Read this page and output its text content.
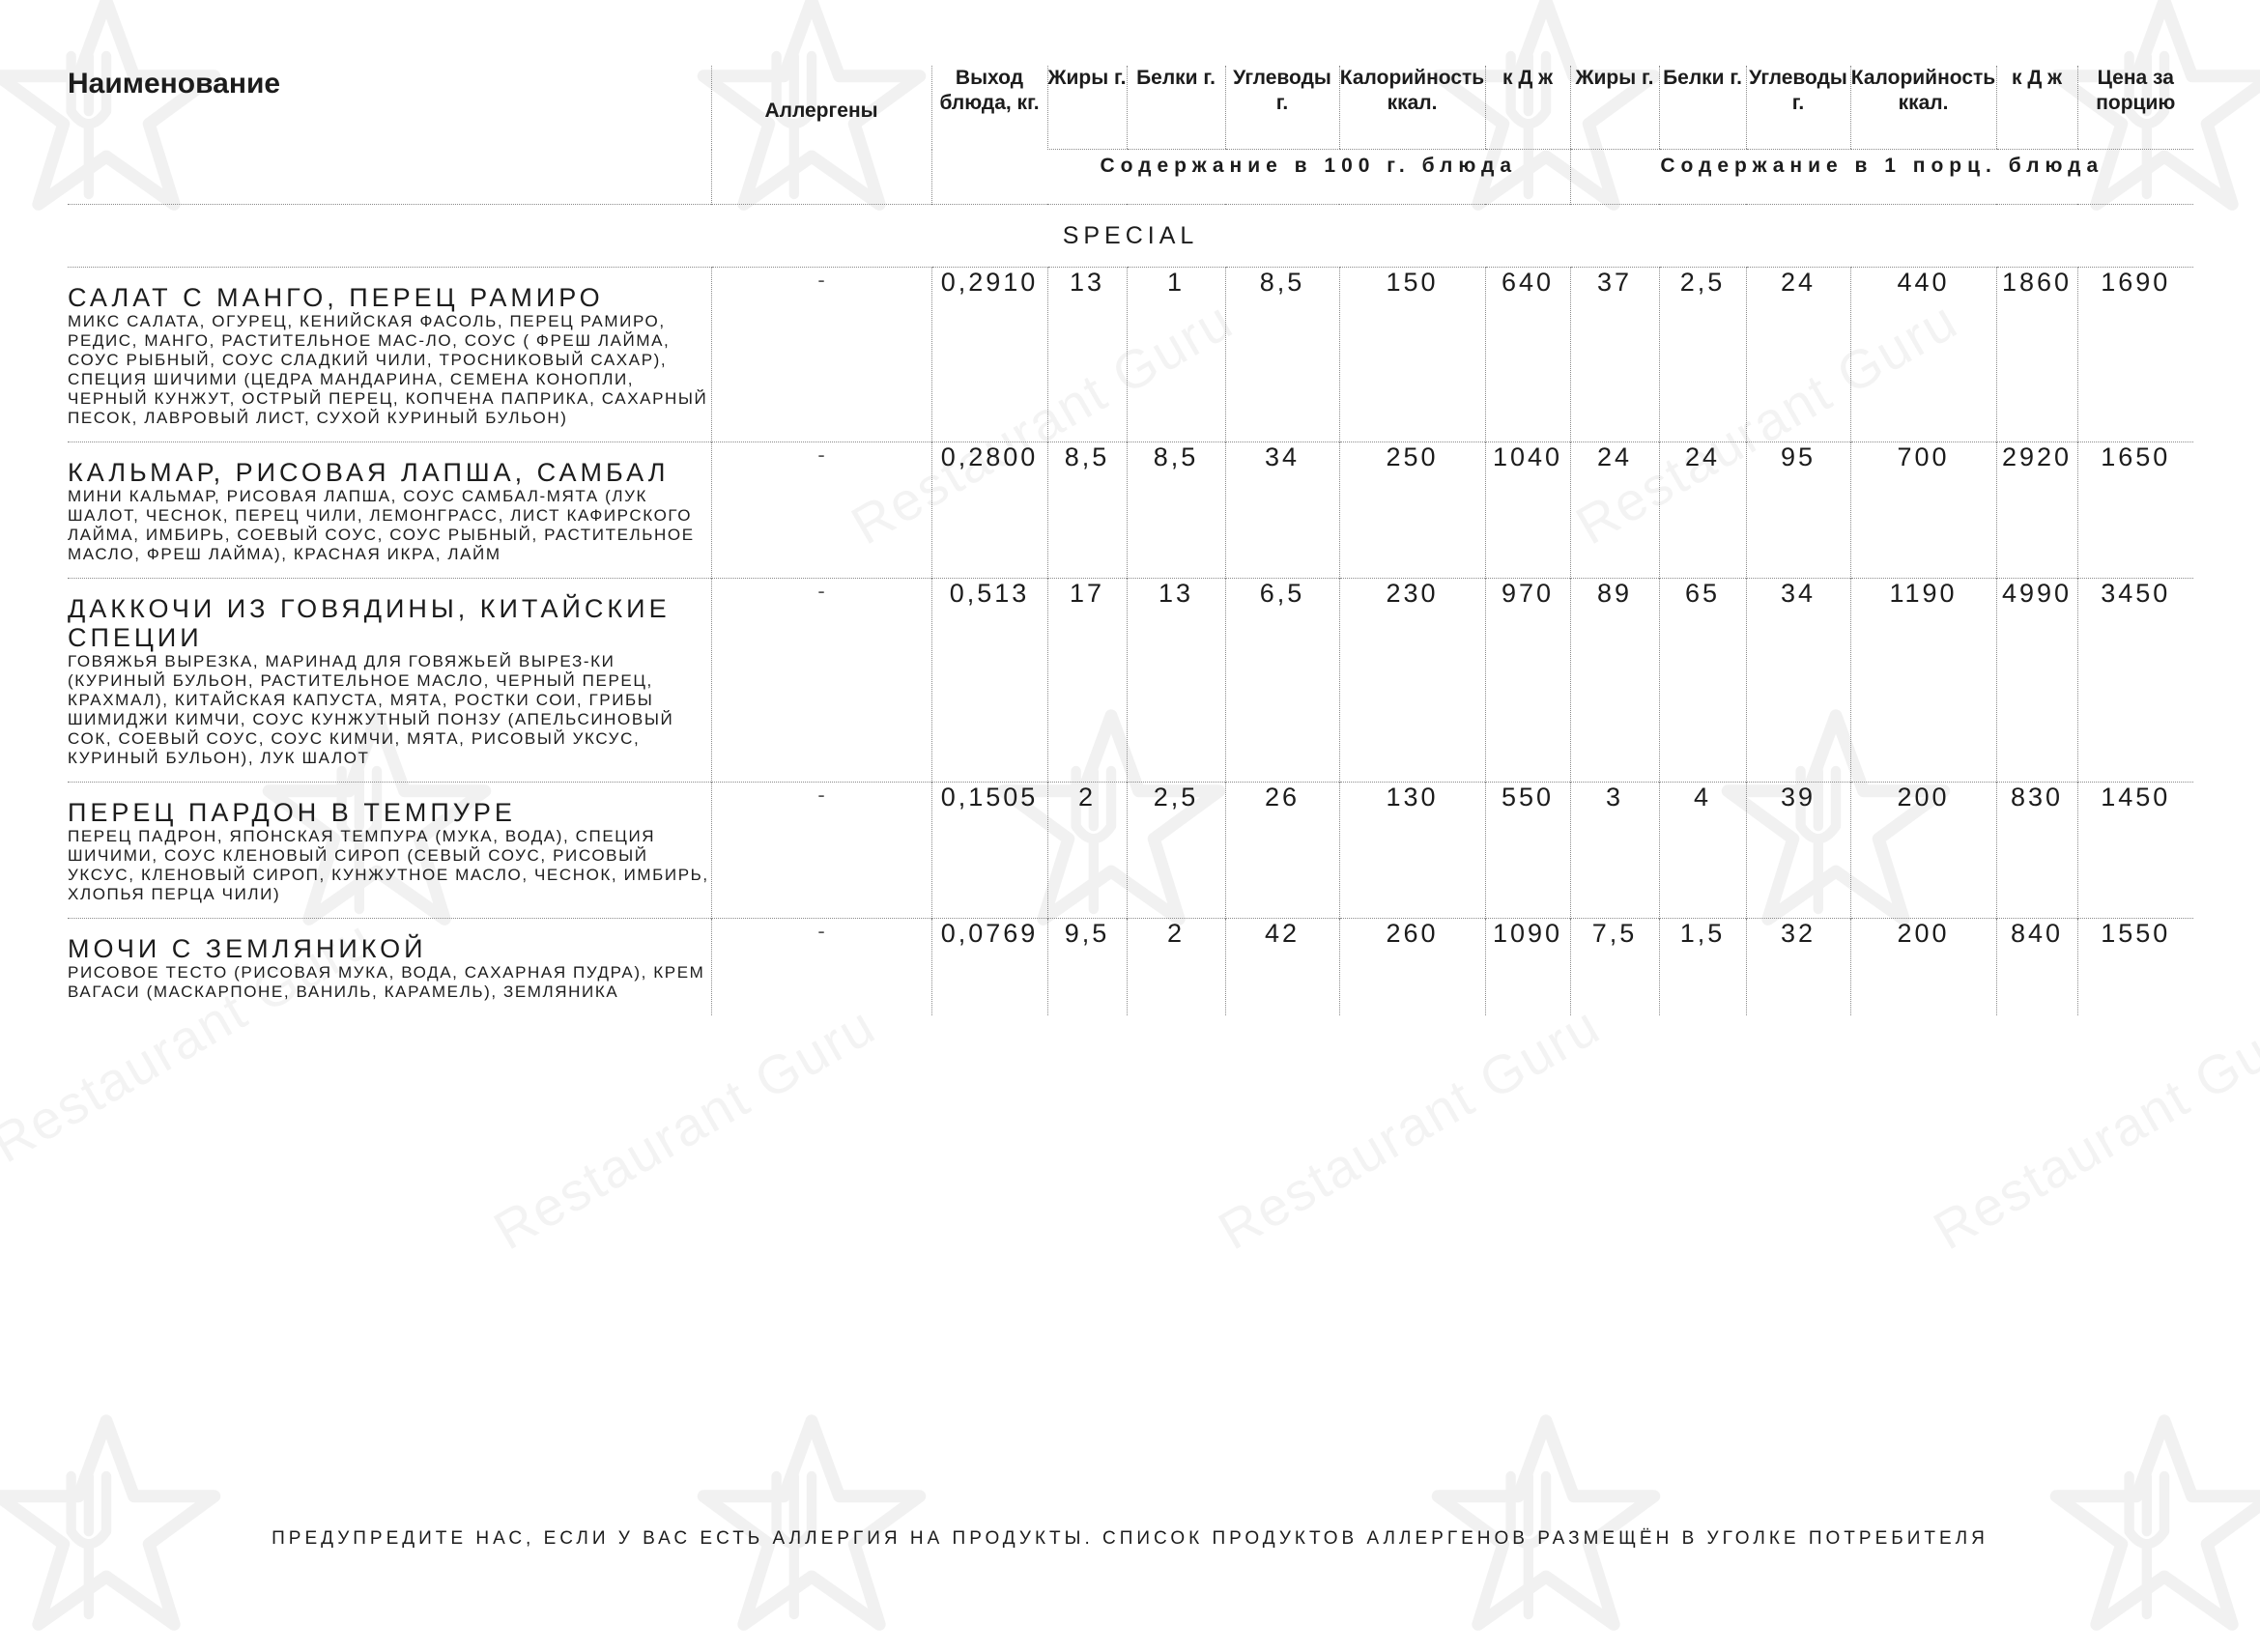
Наименование	Аллергены	Выход блюда, кг.	Жиры г.	Белки г.	Углеводы г.	Калорийность ккал.	к Д ж	Жиры г.	Белки г.	Углеводы г.	Калорийность ккал.	к Д ж	Цена за порцию
			Содержание в 100 г. блюда					Содержание в 1 порц. блюда					
SPECIAL													

САЛАТ С МАНГО, ПЕРЕЦ РАМИРО
МИКС САЛАТА, ОГУРЕЦ, КЕНИЙСКАЯ ФАСОЛЬ, ПЕРЕЦ РАМИРО, РЕДИС, МАНГО, РАСТИТЕЛЬНОЕ МАС-ЛО, СОУС ( ФРЕШ ЛАЙМА, СОУС РЫБНЫЙ, СОУС СЛАДКИЙ ЧИЛИ, ТРОСНИКОВЫЙ САХАР), СПЕЦИЯ ШИЧИМИ (ЦЕДРА МАНДАРИНА, СЕМЕНА КОНОПЛИ, ЧЕРНЫЙ КУНЖУТ, ОСТРЫЙ ПЕРЕЦ, КОПЧЕНА ПАПРИКА, САХАРНЫЙ ПЕСОК, ЛАВРОВЫЙ ЛИСТ, СУХОЙ КУРИНЫЙ БУЛЬОН)	-	0,2910	13	1	8,5	150	640	37	2,5	24	440	1860	1690

КАЛЬМАР, РИСОВАЯ ЛАПША, САМБАЛ
МИНИ КАЛЬМАР, РИСОВАЯ ЛАПША, СОУС САМБАЛ-МЯТА (ЛУК ШАЛОТ, ЧЕСНОК, ПЕРЕЦ ЧИЛИ, ЛЕМОНГРАСС, ЛИСТ КАФИРСКОГО ЛАЙМА, ИМБИРЬ, СОЕВЫЙ СОУС, СОУС РЫБНЫЙ, РАСТИТЕЛЬНОЕ МАСЛО, ФРЕШ ЛАЙМА), КРАСНАЯ ИКРА, ЛАЙМ	-	0,2800	8,5	8,5	34	250	1040	24	24	95	700	2920	1650

ДАККОЧИ ИЗ ГОВЯДИНЫ, КИТАЙСКИЕ СПЕЦИИ
ГОВЯЖЬЯ ВЫРЕЗКА, МАРИНАД ДЛЯ ГОВЯЖЬЕЙ ВЫРЕЗ-КИ (КУРИНЫЙ БУЛЬОН, РАСТИТЕЛЬНОЕ МАСЛО, ЧЕРНЫЙ ПЕРЕЦ, КРАХМАЛ), КИТАЙСКАЯ КАПУСТА, МЯТА, РОСТКИ СОИ, ГРИБЫ ШИМИДЖИ КИМЧИ, СОУС КУНЖУТНЫЙ ПОНЗУ (АПЕЛЬСИНОВЫЙ СОК, СОЕВЫЙ СОУС, СОУС КИМЧИ, МЯТА, РИСОВЫЙ УКСУС, КУРИНЫЙ БУЛЬОН), ЛУК ШАЛОТ	-	0,513	17	13	6,5	230	970	89	65	34	1190	4990	3450

ПЕРЕЦ ПАРДОН В ТЕМПУРЕ
ПЕРЕЦ ПАДРОН, ЯПОНСКАЯ ТЕМПУРА (МУКА, ВОДА), СПЕЦИЯ ШИЧИМИ, СОУС КЛЕНОВЫЙ СИРОП (СЕВЫЙ СОУС, РИСОВЫЙ УКСУС, КЛЕНОВЫЙ СИРОП, КУНЖУТНОЕ МАСЛО, ЧЕСНОК, ИМБИРЬ, ХЛОПЬЯ ПЕРЦА ЧИЛИ)	-	0,1505	2	2,5	26	130	550	3	4	39	200	830	1450

МОЧИ С ЗЕМЛЯНИКОЙ
РИСОВОЕ ТЕСТО (РИСОВАЯ МУКА, ВОДА, САХАРНАЯ ПУДРА), КРЕМ ВАГАСИ (МАСКАРПОНЕ, ВАНИЛЬ, КАРАМЕЛЬ), ЗЕМЛЯНИКА	-	0,0769	9,5	2	42	260	1090	7,5	1,5	32	200	840	1550
ПРЕДУПРЕДИТЕ НАС, ЕСЛИ У ВАС ЕСТЬ АЛЛЕРГИЯ НА ПРОДУКТЫ. СПИСОК ПРОДУКТОВ АЛЛЕРГЕНОВ РАЗМЕЩЁН В УГОЛКЕ ПОТРЕБИТЕЛЯ
